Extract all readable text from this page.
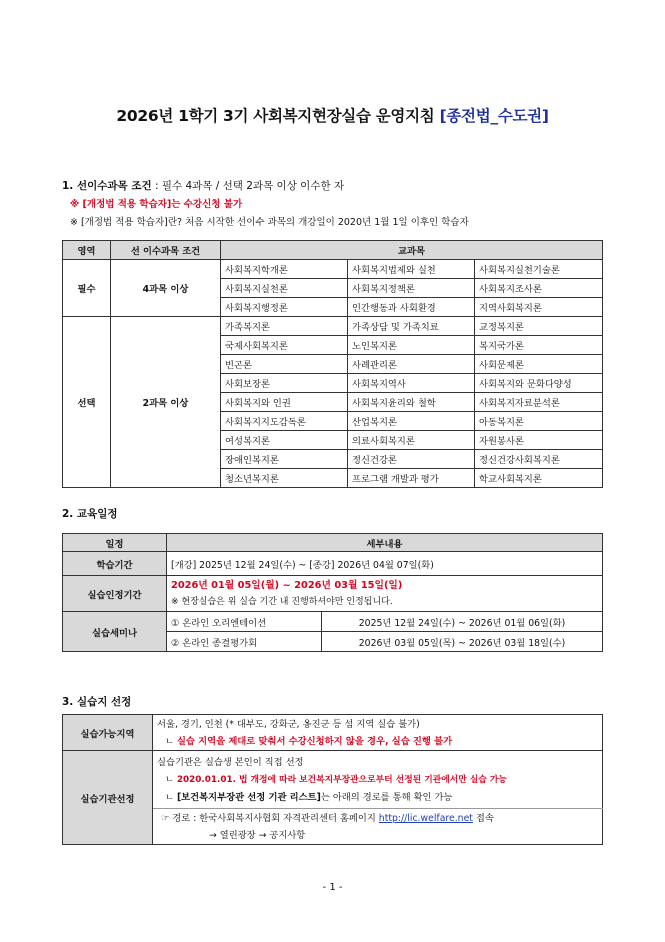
2026년 1학기 3기 사회복지현장실습 운영지침 [종전법_수도권]
1. 선이수과목 조건 : 필수 4과목 / 선택 2과목 이상 이수한 자
※ [개정법 적용 학습자]는 수강신청 불가
※ [개정법 적용 학습자]란? 처음 시작한 선이수 과목의 개강일이 2020년 1월 1일 이후인 학습자
영역	선 이수과목 조건	교과목		
필수	4과목 이상	사회복지학개론	사회복지법제와 실천	사회복지실천기술론
		사회복지실천론	사회복지정책론	사회복지조사론
		사회복지행정론	인간행동과 사회환경	지역사회복지론
선택	2과목 이상	가족복지론	가족상담 및 가족치료	교정복지론
		국제사회복지론	노인복지론	복지국가론
		빈곤론	사례관리론	사회문제론
		사회보장론	사회복지역사	사회복지와 문화다양성
		사회복지와 인권	사회복지윤리와 철학	사회복지자료분석론
		사회복지지도감독론	산업복지론	아동복지론
		여성복지론	의료사회복지론	자원봉사론
		장애인복지론	정신건강론	정신건강사회복지론
		청소년복지론	프로그램 개발과 평가	학교사회복지론
2. 교육일정
일정	세부내용	
학습기간	[개강] 2025년 12월 24일(수) ~ [종강] 2026년 04월 07일(화)	
실습인정기간	2026년 01월 05일(월) ~ 2026년 03월 15일(일)
※ 현장실습은 위 실습 기간 내 진행하셔야만 인정됩니다.	

실습세미나	① 온라인 오리엔테이션	2025년 12월 24일(수) ~ 2026년 01월 06일(화)
	② 온라인 종결평가회	2026년 03월 05일(목) ~ 2026년 03월 18일(수)
3. 실습지 선정
실습가능지역	서울, 경기, 인천 (* 대부도, 강화군, 옹진군 등 섬 지역 실습 불가)
ㄴ 실습 지역을 제대로 맞춰서 수강신청하지 않을 경우, 실습 진행 불가

실습기관선정	실습기관은 실습생 본인이 직접 선정
ㄴ 2020.01.01. 법 개정에 따라 보건복지부장관으로부터 선정된 기관에서만 실습 가능
ㄴ [보건복지부장관 선정 기관 리스트]는 아래의 경로를 통해 확인 가능

	☞ 경로 : 한국사회복지사협회 자격관리센터 홈페이지 http://lic.welfare.net 접속
→ 열린광장 → 공지사항
- 1 -
